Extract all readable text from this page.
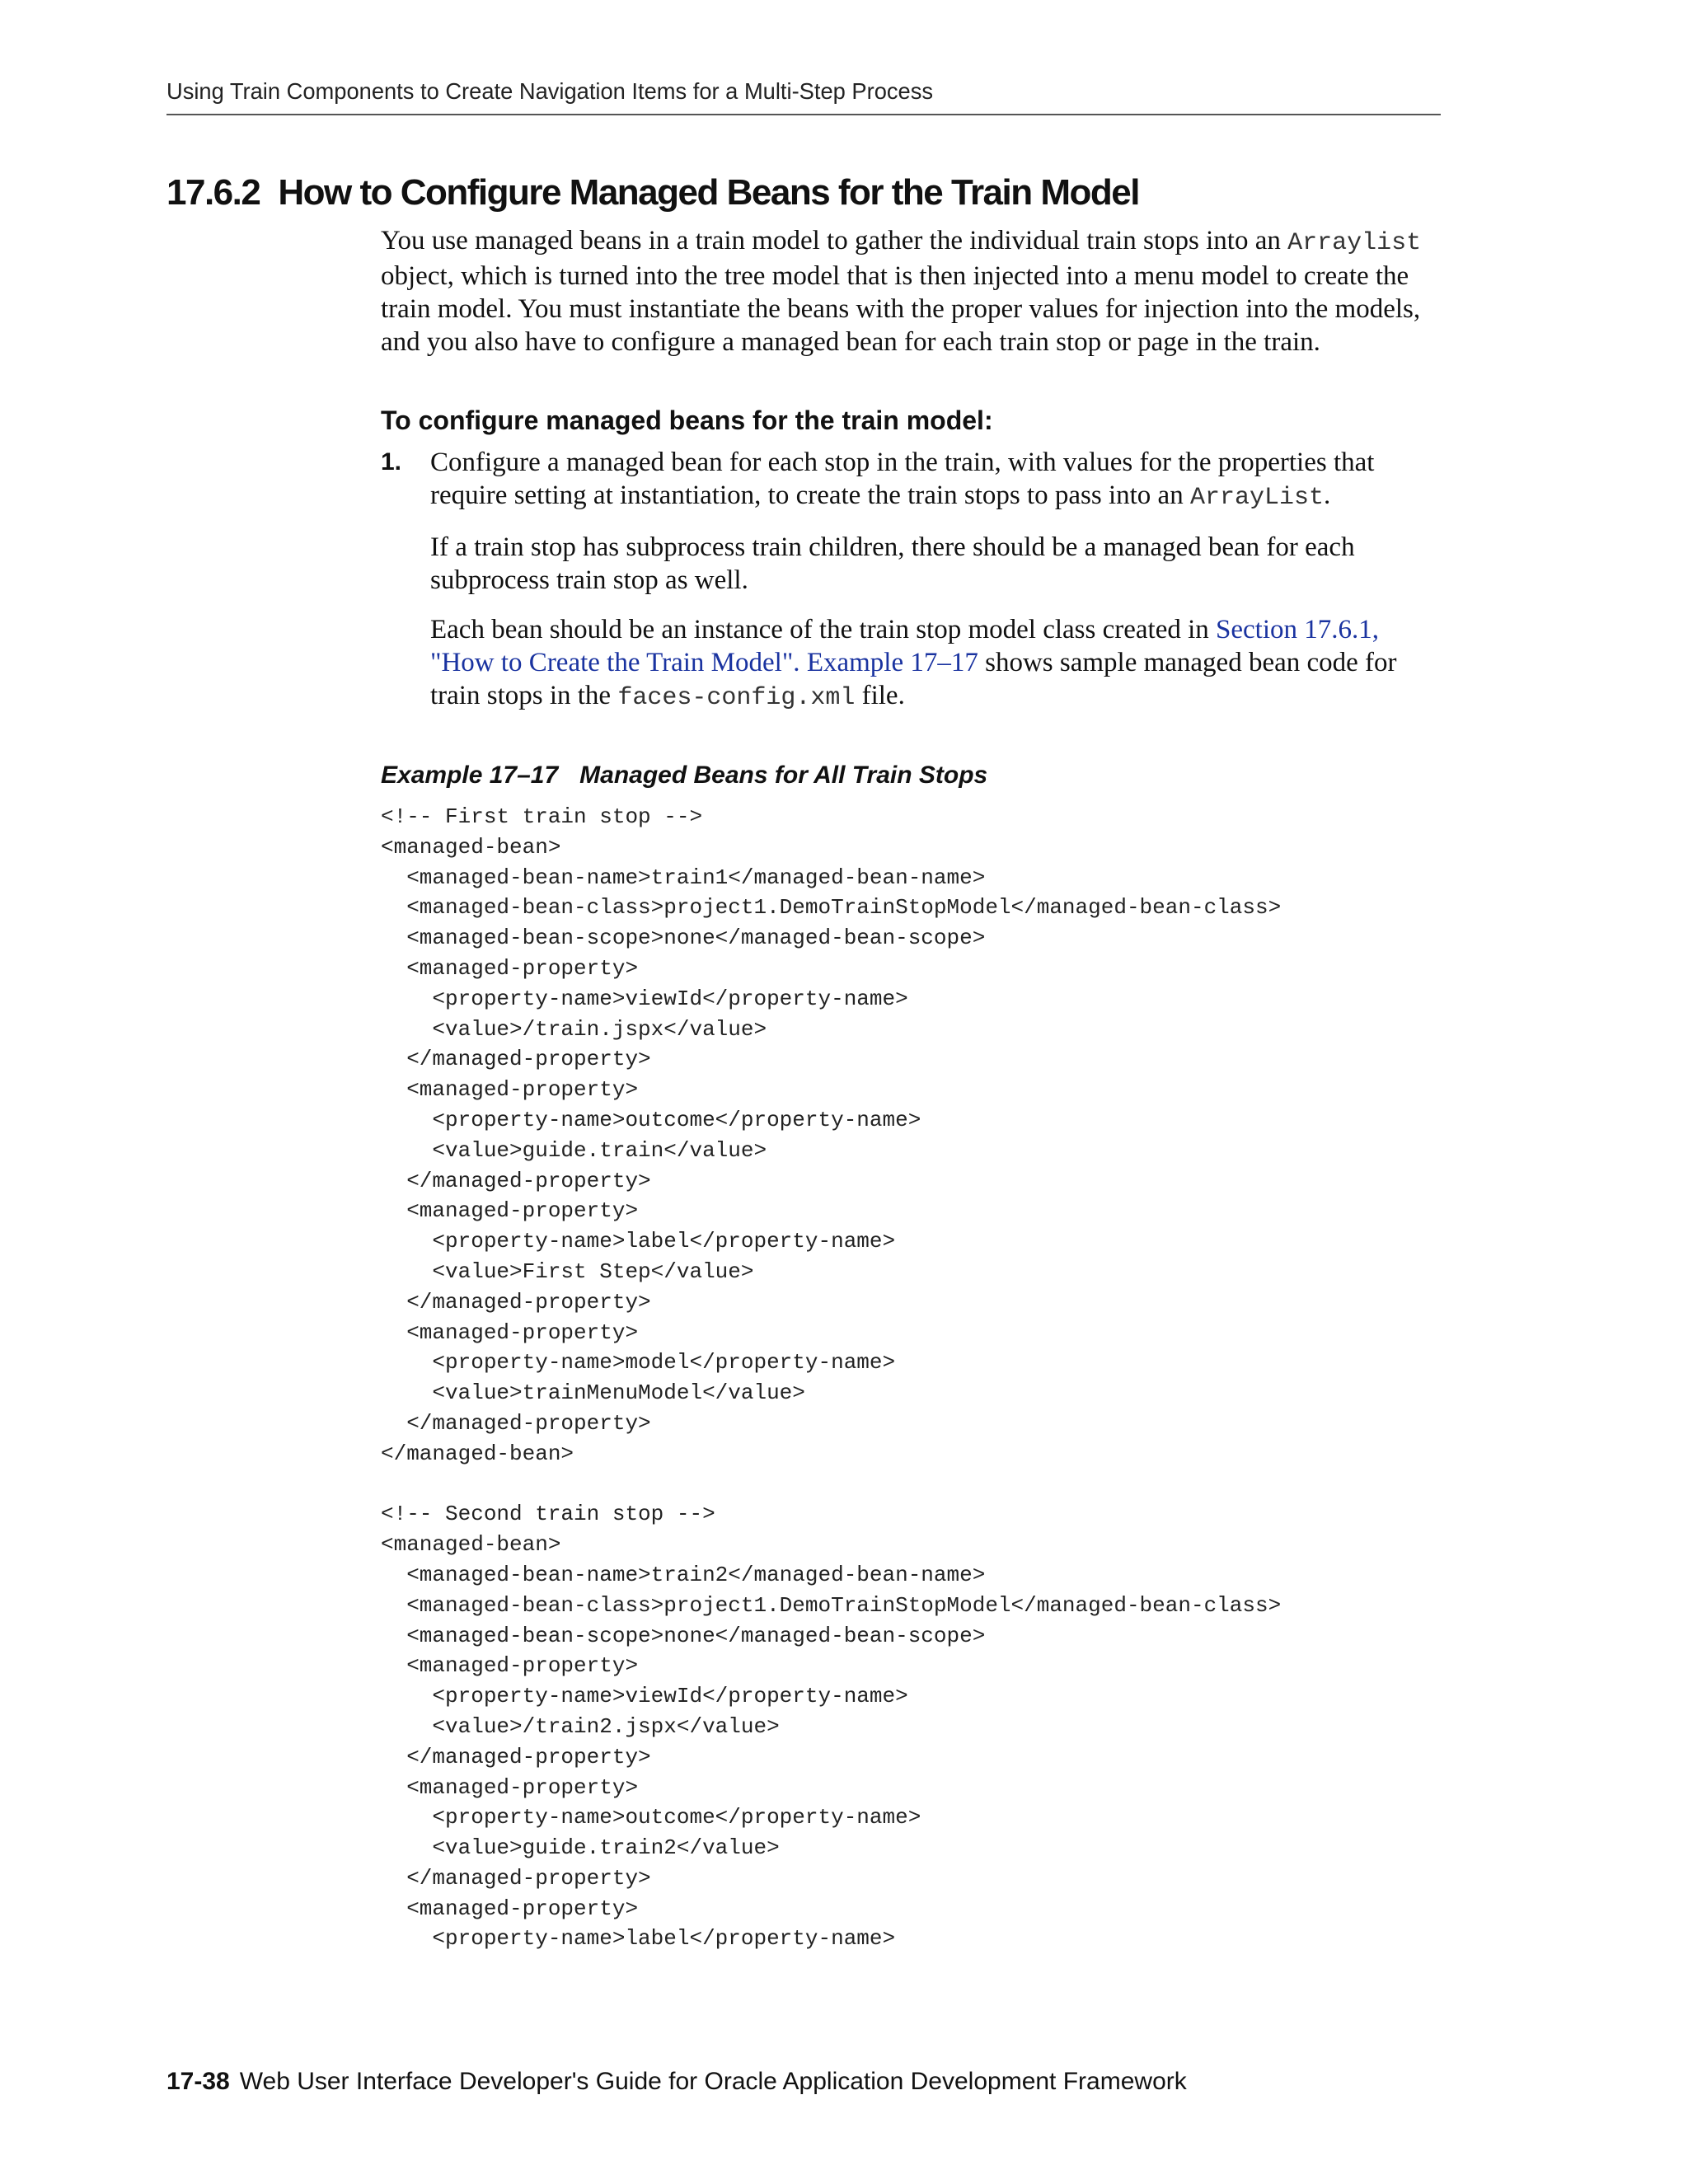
Using Train Components to Create Navigation Items for a Multi-Step Process
17.6.2 How to Configure Managed Beans for the Train Model

You use managed beans in a train model to gather the individual train stops into an Arraylist object, which is turned into the tree model that is then injected into a menu model to create the train model. You must instantiate the beans with the proper values for injection into the models, and you also have to configure a managed bean for each train stop or page in the train.

To configure managed beans for the train model:
1. Configure a managed bean for each stop in the train, with values for the properties that require setting at instantiation, to create the train stops to pass into an ArrayList.

If a train stop has subprocess train children, there should be a managed bean for each subprocess train stop as well.

Each bean should be an instance of the train stop model class created in Section 17.6.1, "How to Create the Train Model". Example 17–17 shows sample managed bean code for train stops in the faces-config.xml file.

Example 17–17 Managed Beans for All Train Stops
<!-- First train stop -->
<managed-bean>
<managed-bean-name>train1</managed-bean-name>
<managed-bean-class>project1.DemoTrainStopModel</managed-bean-class>
<managed-bean-scope>none</managed-bean-scope>
<managed-property>
<property-name>viewId</property-name>
<value>/train.jspx</value>
</managed-property>
<managed-property>
<property-name>outcome</property-name>
<value>guide.train</value>
</managed-property>
<managed-property>
<property-name>label</property-name>
<value>First Step</value>
</managed-property>
<managed-property>
<property-name>model</property-name>
<value>trainMenuModel</value>
</managed-property>
</managed-bean>

<!-- Second train stop -->
<managed-bean>
<managed-bean-name>train2</managed-bean-name>
<managed-bean-class>project1.DemoTrainStopModel</managed-bean-class>
<managed-bean-scope>none</managed-bean-scope>
<managed-property>
<property-name>viewId</property-name>
<value>/train2.jspx</value>
</managed-property>
<managed-property>
<property-name>outcome</property-name>
<value>guide.train2</value>
</managed-property>
<managed-property>
<property-name>label</property-name>
17-38 Web User Interface Developer's Guide for Oracle Application Development Framework
